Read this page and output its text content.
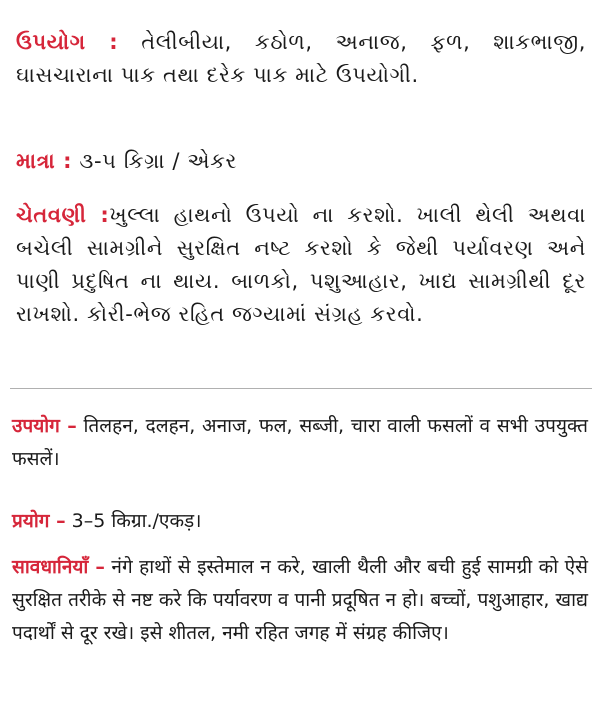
ઉપયોગ : તેલીબીયા, કઠોળ, અનાજ, ફળ, શાકભાજી, ઘાસચારાના પાક તથા દરેક પાક માટે ઉપયોગી.

માત્રા : ૩-૫ કિગ્રા / એકર

ચેતવણી :ખુલ્લા હાથનો ઉપયો ના કરશો. ખાલી થેલી અથવા બચેલી સામગ્રીને સુરક્ષિત નષ્ટ કરશો કે જેથી પર્યાવરણ અને પાણી પ્રદુષિત ના થાય. બાળકો, પશુઆહાર, ખાદ્ય સામગ્રીથી દૂર રાખશો. કોરી-ભેજ રહિત જગ્યામાં સંગ્રહ કરવો.

उपयोग – तिलहन, दलहन, अनाज, फल, सब्जी, चारा वाली फसलों व सभी उपयुक्त फसलें।

प्रयोग – 3–5 किग्रा./एकड़।

सावधानियाँ – नंगे हाथों से इस्तेमाल न करे, खाली थैली और बची हुई सामग्री को ऐसे सुरक्षित तरीके से नष्ट करे कि पर्यावरण व पानी प्रदूषित न हो। बच्चों, पशुआहार, खाद्य पदार्थों से दूर रखे। इसे शीतल, नमी रहित जगह में संग्रह कीजिए।
